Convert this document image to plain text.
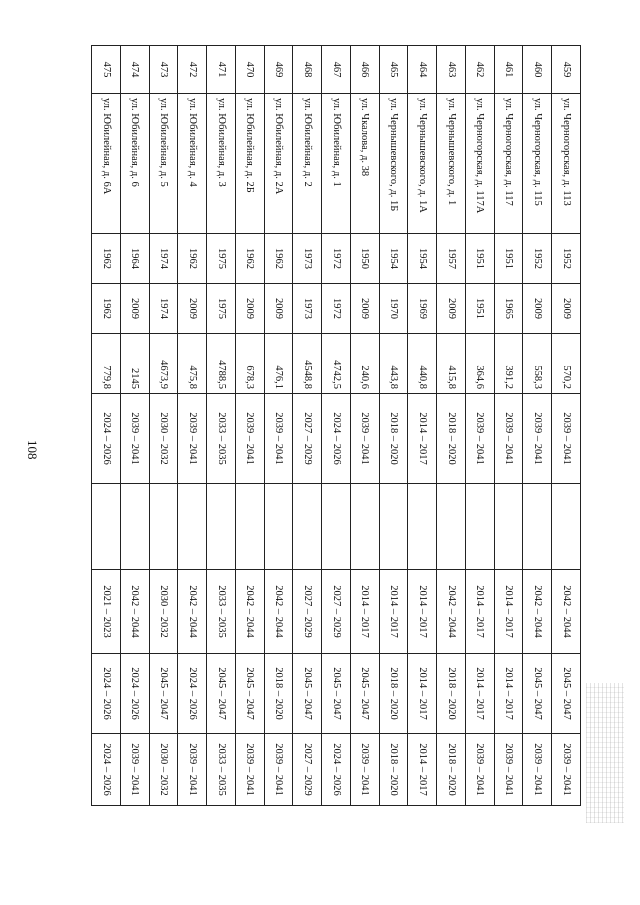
108
459	ул. Черногорская, д. 113	1952	2009	570,2	2039 – 2041		2042 – 2044	2045 – 2047	2039 – 2041
460	ул. Черногорская, д. 115	1952	2009	558,3	2039 – 2041		2042 – 2044	2045 – 2047	2039 – 2041
461	ул. Черногорская, д. 117	1951	1965	391,2	2039 – 2041		2014 – 2017	2014 – 2017	2039 – 2041
462	ул. Черногорская, д. 117А	1951	1951	364,6	2039 – 2041		2014 – 2017	2014 – 2017	2039 – 2041
463	ул. Чернышевского, д. 1	1957	2009	415,8	2018 – 2020		2042 – 2044	2018 – 2020	2018 – 2020
464	ул. Чернышевского, д. 1А	1954	1969	440,8	2014 – 2017		2014 – 2017	2014 – 2017	2014 – 2017
465	ул. Чернышевского, д. 1Б	1954	1970	443,8	2018 – 2020		2014 – 2017	2018 – 2020	2018 – 2020
466	ул. Чкалова, д. 38	1950	2009	240,6	2039 – 2041		2014 – 2017	2045 – 2047	2039 – 2041
467	ул. Юбилейная, д. 1	1972	1972	4742,5	2024 – 2026		2027 – 2029	2045 – 2047	2024 – 2026
468	ул. Юбилейная, д. 2	1973	1973	4548,8	2027 – 2029		2027 – 2029	2045 – 2047	2027 – 2029
469	ул. Юбилейная, д. 2А	1962	2009	476,1	2039 – 2041		2042 – 2044	2018 – 2020	2039 – 2041
470	ул. Юбилейная, д. 2Б	1962	2009	678,3	2039 – 2041		2042 – 2044	2045 – 2047	2039 – 2041
471	ул. Юбилейная, д. 3	1975	1975	4788,5	2033 – 2035		2033 – 2035	2045 – 2047	2033 – 2035
472	ул. Юбилейная, д. 4	1962	2009	475,8	2039 – 2041		2042 – 2044	2024 – 2026	2039 – 2041
473	ул. Юбилейная, д. 5	1974	1974	4673,9	2030 – 2032		2030 – 2032	2045 – 2047	2030 – 2032
474	ул. Юбилейная, д. 6	1964	2009	2145	2039 – 2041		2042 – 2044	2024 – 2026	2039 – 2041
475	ул. Юбилейная, д. 6А	1962	1962	779,8	2024 – 2026		2021 – 2023	2024 – 2026	2024 – 2026
